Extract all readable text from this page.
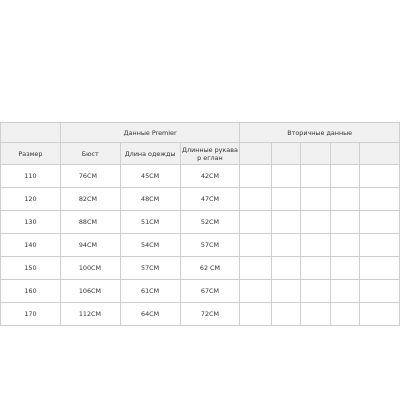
	Данные Premier			Вторичные данные				
Размер	Бюст	Длина одежды	Длинные рукава р еглан					
110	76CM	45CM	42CM					
120	82CM	48CM	47CM					
130	88CM	51CM	52CM					
140	94CM	54CM	57CM					
150	100CM	57CM	62 CM					
160	106CM	61CM	67CM					
170	112CM	64CM	72CM					
